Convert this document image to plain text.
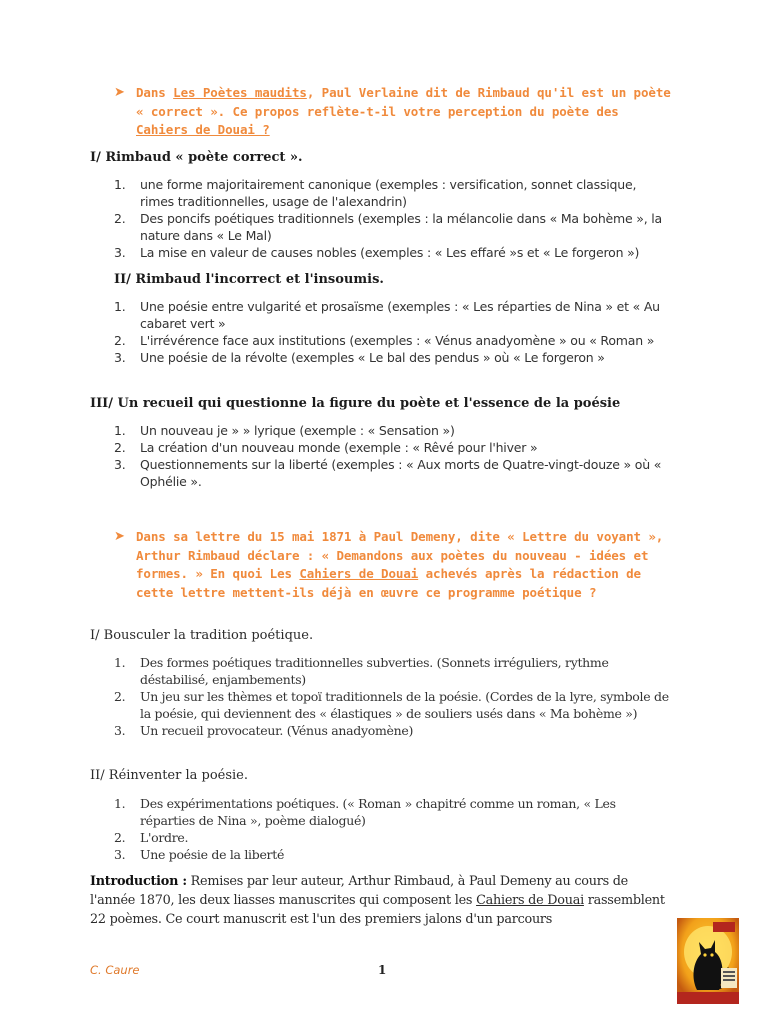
➤ Dans Les Poètes maudits, Paul Verlaine dit de Rimbaud qu'il est un poète « correct ». Ce propos reflète-t-il votre perception du poète des Cahiers de Douai ?
I/ Rimbaud « poète correct ».
1. une forme majoritairement canonique (exemples : versification, sonnet classique, rimes traditionnelles, usage de l'alexandrin)
2. Des poncifs poétiques traditionnels (exemples : la mélancolie dans « Ma bohème », la nature dans « Le Mal)
3. La mise en valeur de causes nobles (exemples : « Les effaré »s et « Le forgeron »)
II/ Rimbaud l'incorrect et l'insoumis.
1. Une poésie entre vulgarité et prosaïsme (exemples : « Les réparties de Nina » et « Au cabaret vert »
2. L'irrévérence face aux institutions (exemples : « Vénus anadyomène » ou « Roman »
3. Une poésie de la révolte (exemples « Le bal des pendus » où « Le forgeron »
III/ Un recueil qui questionne la figure du poète et l'essence de la poésie
1. Un nouveau je » » lyrique (exemple : « Sensation »)
2. La création d'un nouveau monde (exemple : « Rêvé pour l'hiver »
3. Questionnements sur la liberté (exemples : « Aux morts de Quatre-vingt-douze » où « Ophélie ».
➤ Dans sa lettre du 15 mai 1871 à Paul Demeny, dite « Lettre du voyant », Arthur Rimbaud déclare : « Demandons aux poètes du nouveau - idées et formes. » En quoi Les Cahiers de Douai achevés après la rédaction de cette lettre mettent-ils déjà en œuvre ce programme poétique ?
I/ Bousculer la tradition poétique.
1. Des formes poétiques traditionnelles subverties. (Sonnets irréguliers, rythme déstabilisé, enjambements)
2. Un jeu sur les thèmes et topoï traditionnels de la poésie. (Cordes de la lyre, symbole de la poésie, qui deviennent des « élastiques » de souliers usés dans « Ma bohème »)
3. Un recueil provocateur. (Vénus anadyomène)
II/ Réinventer la poésie.
1. Des expérimentations poétiques. (« Roman » chapitré comme un roman, « Les réparties de Nina », poème dialogué)
2. L'ordre.
3. Une poésie de la liberté
Introduction : Remises par leur auteur, Arthur Rimbaud, à Paul Demeny au cours de l'année 1870, les deux liasses manuscrites qui composent les Cahiers de Douai rassemblent 22 poèmes. Ce court manuscrit est l'un des premiers jalons d'un parcours
C. Caure	1
